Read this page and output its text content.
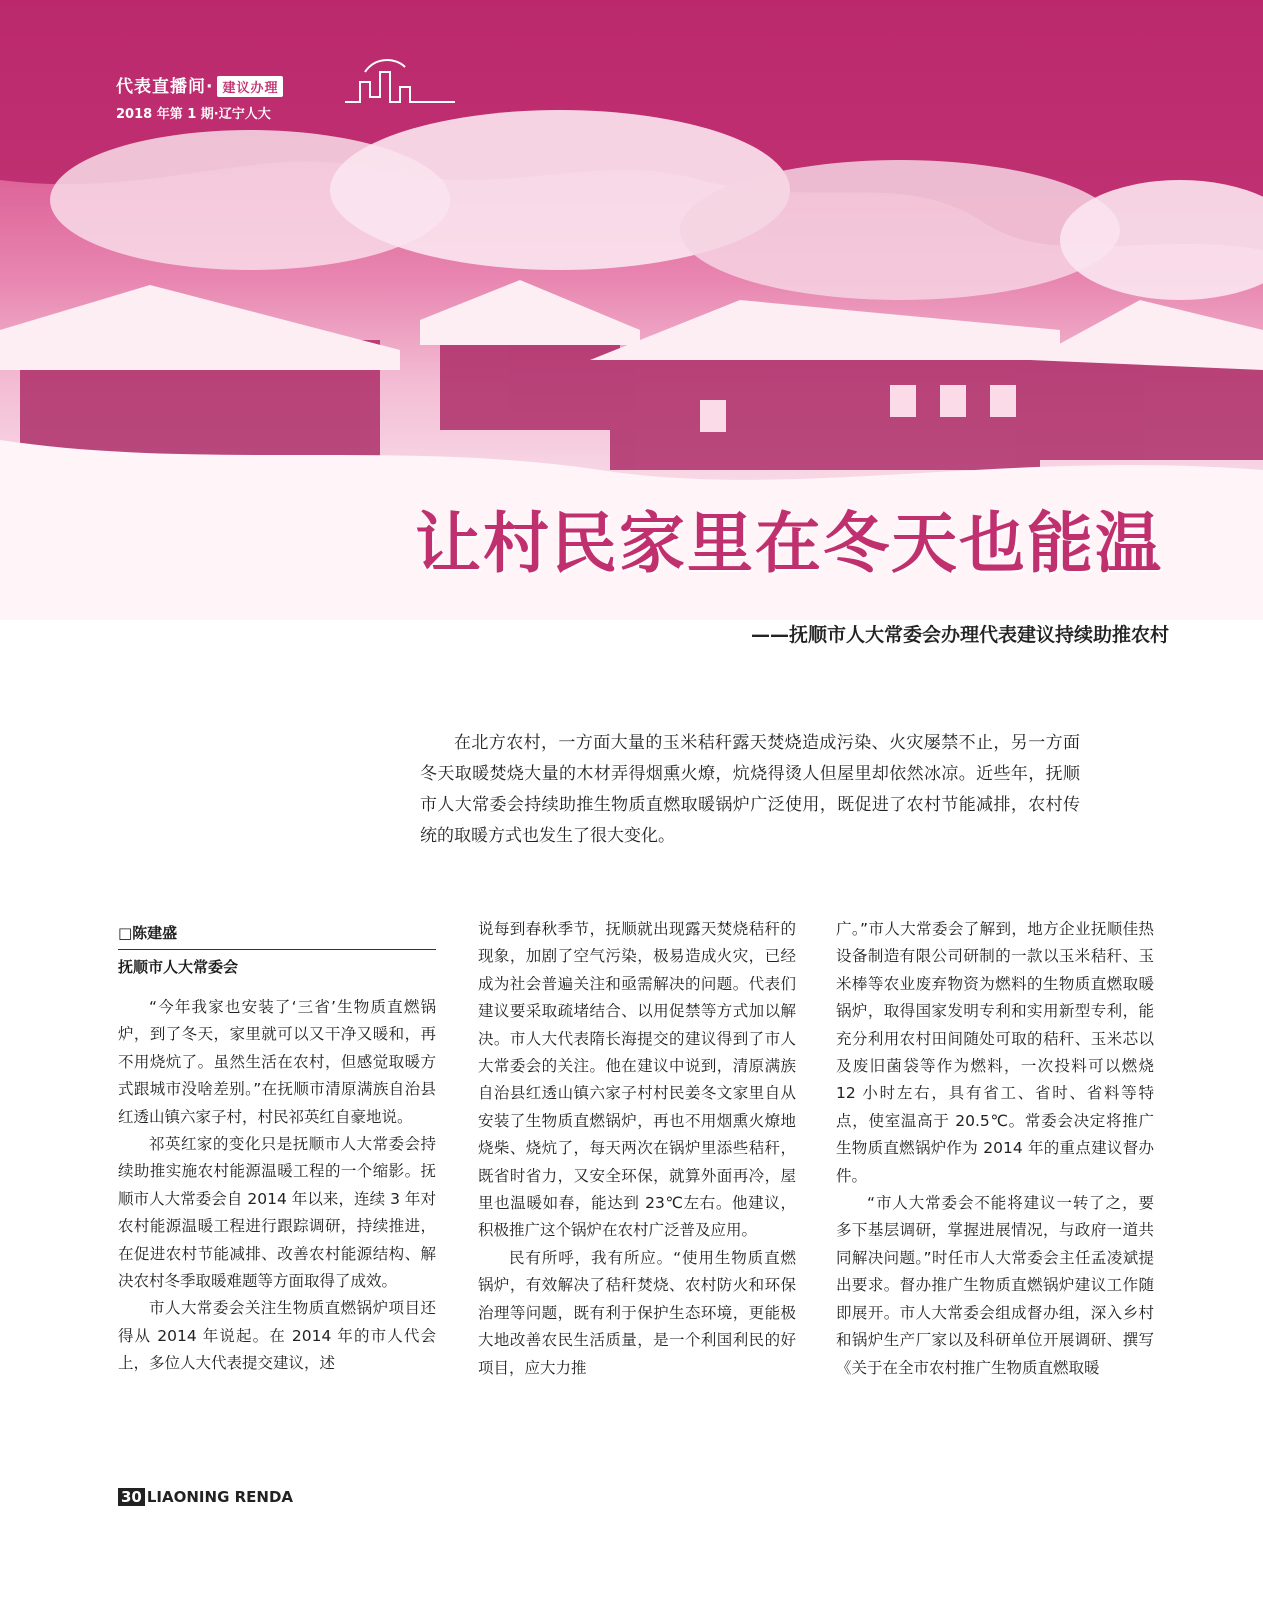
代表直播间· 建议办理
2018 年第 1 期·辽宁人大
让村民家里在冬天也能温
——抚顺市人大常委会办理代表建议持续助推农村
在北方农村，一方面大量的玉米秸秆露天焚烧造成污染、火灾屡禁不止，另一方面冬天取暖焚烧大量的木材弄得烟熏火燎，炕烧得烫人但屋里却依然冰凉。近些年，抚顺市人大常委会持续助推生物质直燃取暖锅炉广泛使用，既促进了农村节能减排，农村传统的取暖方式也发生了很大变化。
□陈建盛
抚顺市人大常委会

“今年我家也安装了‘三省’生物质直燃锅炉，到了冬天，家里就可以又干净又暖和，再不用烧炕了。虽然生活在农村，但感觉取暖方式跟城市没啥差别。”在抚顺市清原满族自治县红透山镇六家子村，村民祁英红自豪地说。

祁英红家的变化只是抚顺市人大常委会持续助推实施农村能源温暖工程的一个缩影。抚顺市人大常委会自 2014 年以来，连续 3 年对农村能源温暖工程进行跟踪调研，持续推进，在促进农村节能减排、改善农村能源结构、解决农村冬季取暖难题等方面取得了成效。

市人大常委会关注生物质直燃锅炉项目还得从 2014 年说起。在 2014 年的市人代会上，多位人大代表提交建议，述

说每到春秋季节，抚顺就出现露天焚烧秸秆的现象，加剧了空气污染，极易造成火灾，已经成为社会普遍关注和亟需解决的问题。代表们建议要采取疏堵结合、以用促禁等方式加以解决。市人大代表隋长海提交的建议得到了市人大常委会的关注。他在建议中说到，清原满族自治县红透山镇六家子村村民姜冬文家里自从安装了生物质直燃锅炉，再也不用烟熏火燎地烧柴、烧炕了，每天两次在锅炉里添些秸秆，既省时省力，又安全环保，就算外面再冷，屋里也温暖如春，能达到 23℃左右。他建议，积极推广这个锅炉在农村广泛普及应用。

民有所呼，我有所应。“使用生物质直燃锅炉，有效解决了秸秆焚烧、农村防火和环保治理等问题，既有利于保护生态环境，更能极大地改善农民生活质量，是一个利国利民的好项目，应大力推

广。”市人大常委会了解到，地方企业抚顺佳热设备制造有限公司研制的一款以玉米秸秆、玉米棒等农业废弃物资为燃料的生物质直燃取暖锅炉，取得国家发明专利和实用新型专利，能充分利用农村田间随处可取的秸秆、玉米芯以及废旧菌袋等作为燃料，一次投料可以燃烧 12 小时左右，具有省工、省时、省料等特点，使室温高于 20.5℃。常委会决定将推广生物质直燃锅炉作为 2014 年的重点建议督办件。

“市人大常委会不能将建议一转了之，要多下基层调研，掌握进展情况，与政府一道共同解决问题。”时任市人大常委会主任孟凌斌提出要求。督办推广生物质直燃锅炉建议工作随即展开。市人大常委会组成督办组，深入乡村和锅炉生产厂家以及科研单位开展调研、撰写《关于在全市农村推广生物质直燃取暖

30 LIAONING RENDA
